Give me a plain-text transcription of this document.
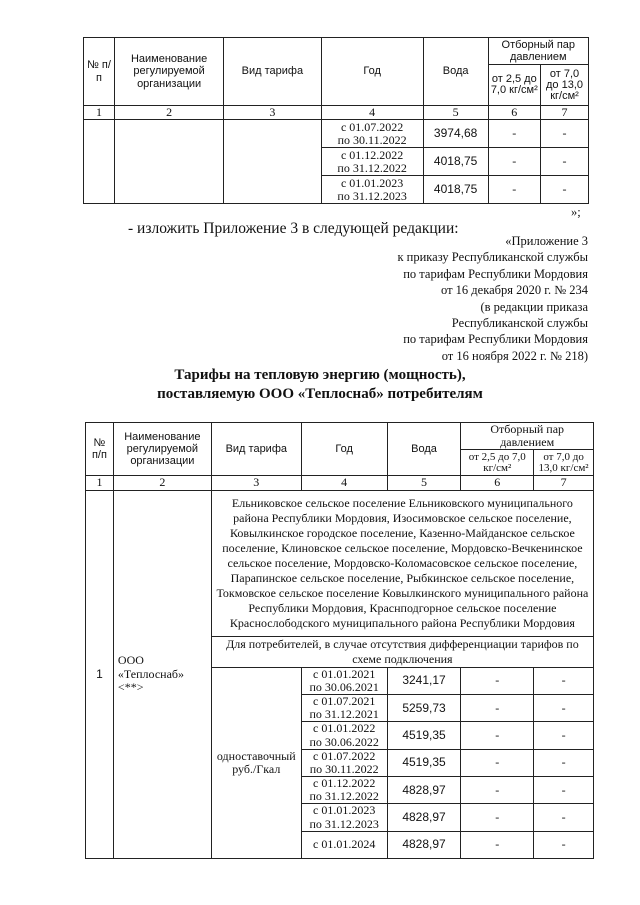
№ п/п	Наименование регулируемой организации	Вид тарифа	Год	Вода	Отборный пар давлением	
					от 2,5 до 7,0 кг/см²	от 7,0 до 13,0 кг/см²
1	2	3	4	5	6	7

			с 01.07.2022
по 30.11.2022	3974,68	-	-

			с 01.12.2022
по 31.12.2022	4018,75	-	-

			с 01.01.2023
по 31.12.2023	4018,75	-	-
»;
- изложить Приложение 3 в следующей редакции:
«Приложение 3
к приказу Республиканской службы
по тарифам Республики Мордовия
от 16 декабря 2020 г. № 234
(в редакции приказа
Республиканской службы
по тарифам Республики Мордовия
от 16 ноября 2022 г. № 218)
Тарифы на тепловую энергию (мощность),
поставляемую ООО «Теплоснаб» потребителям
№ п/п	Наименование регулируемой организации	Вид тарифа	Год	Вода	Отборный пар давлением	
					от 2,5 до 7,0 кг/см²	от 7,0 до 13,0 кг/см²
1	2	3	4	5	6	7
1	ООО «Теплоснаб» <**>	Ельниковское сельское поселение Ельниковского муниципального района Республики Мордовия, Изосимовское сельское поселение, Ковылкинское городское поселение, Казенно-Майданское сельское поселение, Клиновское сельское поселение, Мордовско-Вечкенинское сельское поселение, Мордовско-Коломасовское сельское поселение, Парапинское сельское поселение, Рыбкинское сельское поселение, Токмовское сельское поселение Ковылкинского муниципального района Республики Мордовия, Краснподгорное сельское поселение Краснослободского муниципального района Республики Мордовия				
		Для потребителей, в случае отсутствия дифференциации тарифов по схеме подключения				
		одноставочный руб./Гкал	с 01.01.2021
по 30.06.2021	3241,17	-	-

			с 01.07.2021
по 31.12.2021	5259,73	-	-

			с 01.01.2022
по 30.06.2022	4519,35	-	-

			с 01.07.2022
по 30.11.2022	4519,35	-	-

			с 01.12.2022
по 31.12.2022	4828,97	-	-

			с 01.01.2023
по 31.12.2023	4828,97	-	-

			с 01.01.2024	4828,97	-	-
